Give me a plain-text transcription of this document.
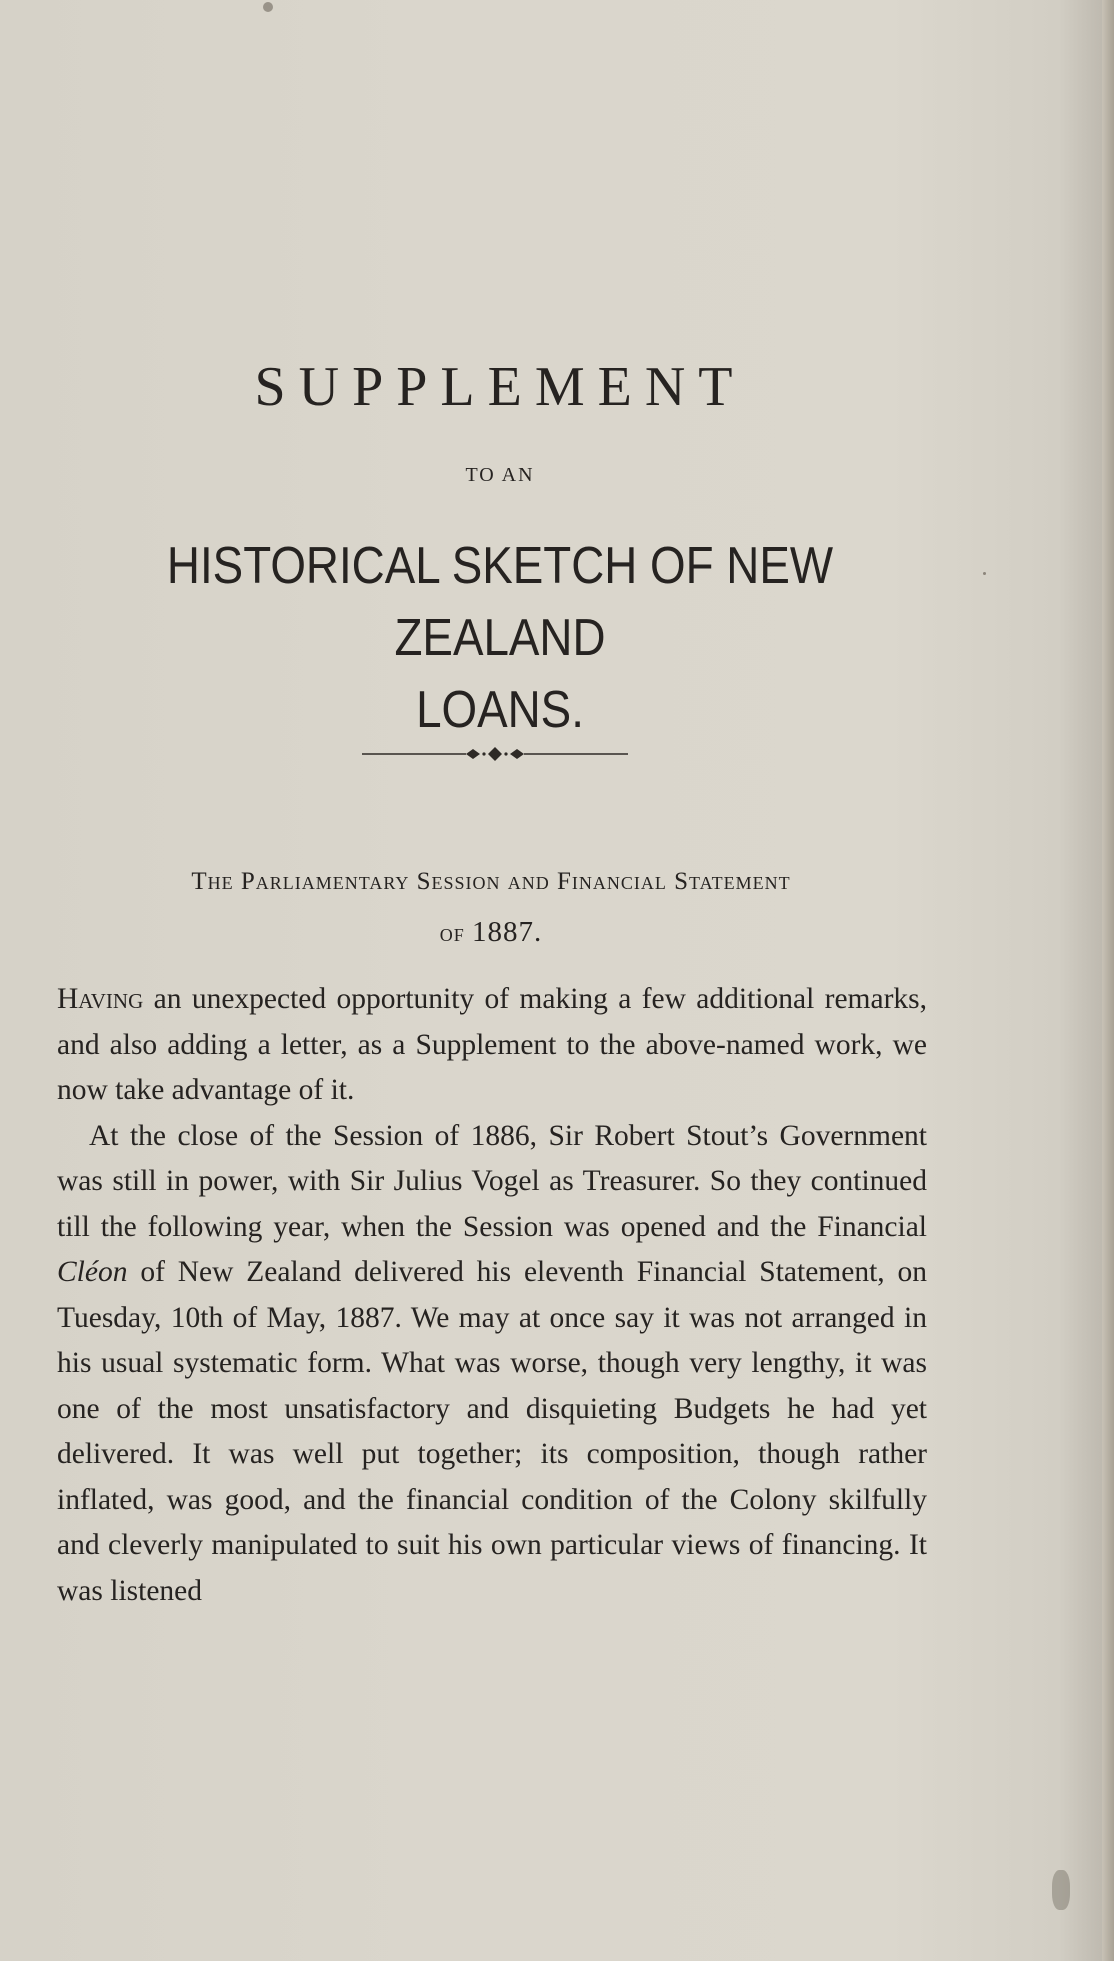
SUPPLEMENT
TO AN
HISTORICAL SKETCH OF NEW ZEALAND
LOANS.
The Parliamentary Session and Financial Statement
of 1887.

Having an unexpected opportunity of making a few additional remarks, and also adding a letter, as a Supplement to the above-named work, we now take advantage of it.

At the close of the Session of 1886, Sir Robert Stout’s Government was still in power, with Sir Julius Vogel as Treasurer. So they continued till the following year, when the Session was opened and the Financial Cléon of New Zealand delivered his eleventh Financial Statement, on Tuesday, 10th of May, 1887. We may at once say it was not arranged in his usual systematic form. What was worse, though very lengthy, it was one of the most unsatisfactory and disquieting Budgets he had yet delivered. It was well put together; its composition, though rather inflated, was good, and the financial condition of the Colony skilfully and cleverly manipulated to suit his own particular views of financing. It was listened
